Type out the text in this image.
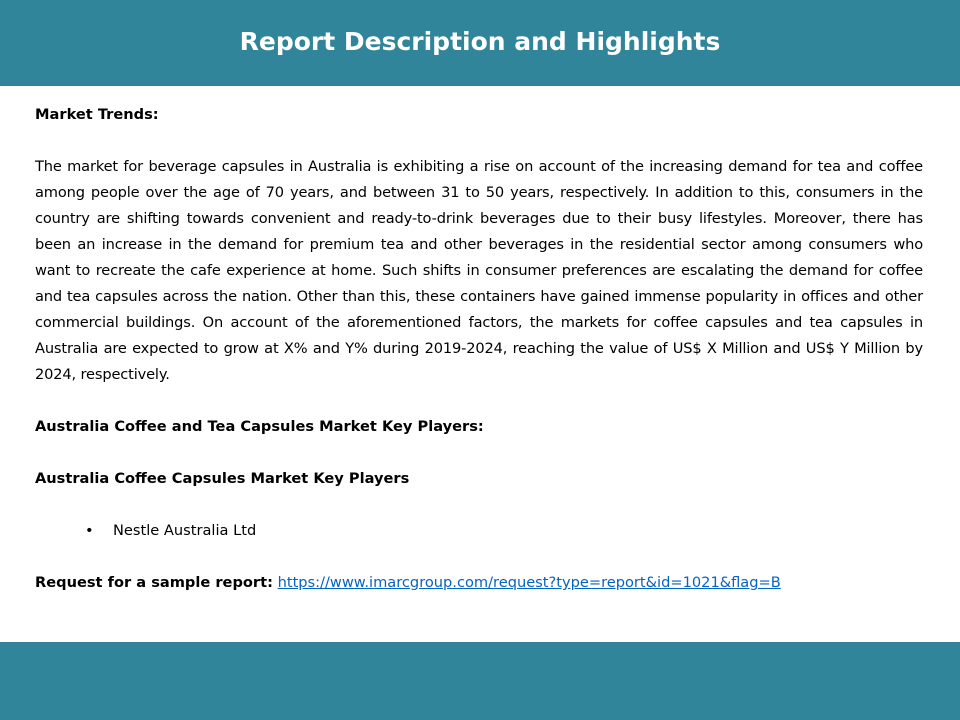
Report Description and Highlights

Market Trends:

The market for beverage capsules in Australia is exhibiting a rise on account of the increasing demand for tea and coffee among people over the age of 70 years, and between 31 to 50 years, respectively. In addition to this, consumers in the country are shifting towards convenient and ready-to-drink beverages due to their busy lifestyles. Moreover, there has been an increase in the demand for premium tea and other beverages in the residential sector among consumers who want to recreate the cafe experience at home. Such shifts in consumer preferences are escalating the demand for coffee and tea capsules across the nation. Other than this, these containers have gained immense popularity in offices and other commercial buildings. On account of the aforementioned factors, the markets for coffee capsules and tea capsules in Australia are expected to grow at X% and Y% during 2019-2024, reaching the value of US$ X Million and US$ Y Million by 2024, respectively.

Australia Coffee and Tea Capsules Market Key Players:

Australia Coffee Capsules Market Key Players

• Nestle Australia Ltd

Request for a sample report: https://www.imarcgroup.com/request?type=report&id=1021&flag=B
